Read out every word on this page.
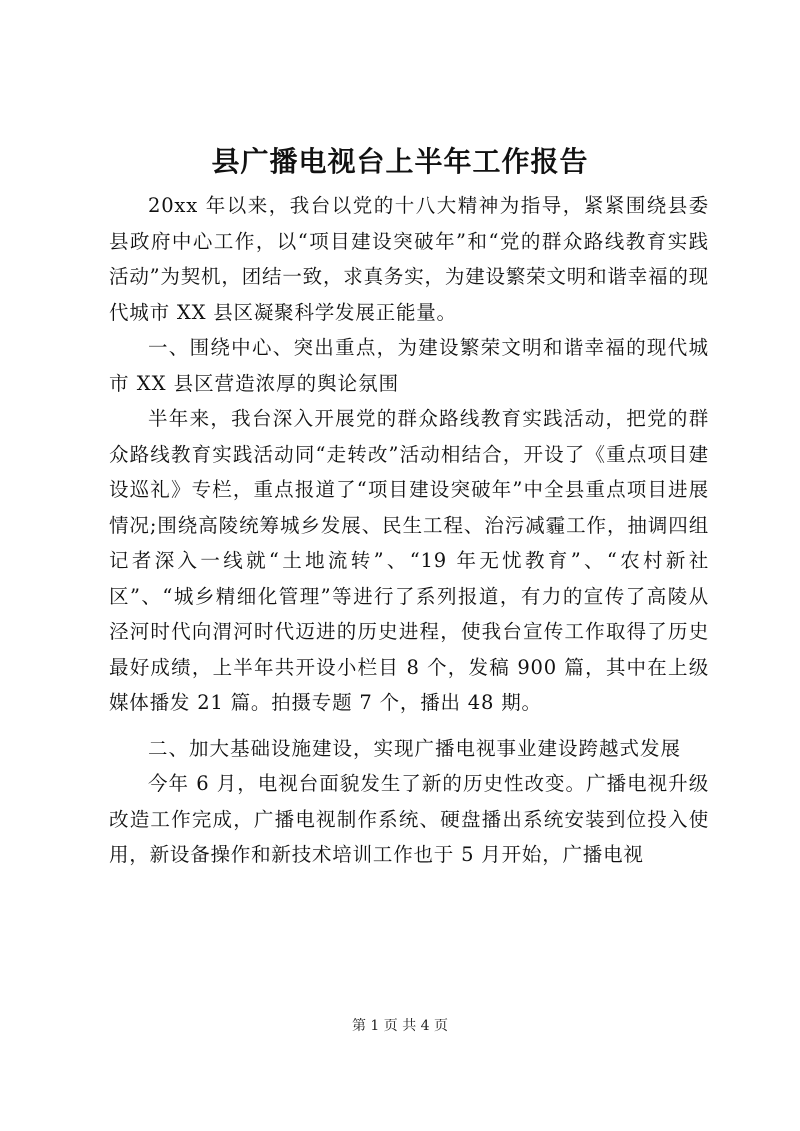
县广播电视台上半年工作报告

20xx 年以来，我台以党的十八大精神为指导，紧紧围绕县委县政府中心工作，以“项目建设突破年”和“党的群众路线教育实践活动”为契机，团结一致，求真务实，为建设繁荣文明和谐幸福的现代城市 XX 县区凝聚科学发展正能量。

一、围绕中心、突出重点，为建设繁荣文明和谐幸福的现代城市 XX 县区营造浓厚的舆论氛围

半年来，我台深入开展党的群众路线教育实践活动，把党的群众路线教育实践活动同“走转改”活动相结合，开设了《重点项目建设巡礼》专栏，重点报道了“项目建设突破年”中全县重点项目进展情况;围绕高陵统筹城乡发展、民生工程、治污减霾工作，抽调四组记者深入一线就“土地流转”、“19 年无忧教育”、“农村新社区”、“城乡精细化管理”等进行了系列报道，有力的宣传了高陵从泾河时代向渭河时代迈进的历史进程，使我台宣传工作取得了历史最好成绩，上半年共开设小栏目 8 个，发稿 900 篇，其中在上级媒体播发 21 篇。拍摄专题 7 个，播出 48 期。

二、加大基础设施建设，实现广播电视事业建设跨越式发展

今年 6 月，电视台面貌发生了新的历史性改变。广播电视升级改造工作完成，广播电视制作系统、硬盘播出系统安装到位投入使用，新设备操作和新技术培训工作也于 5 月开始，广播电视

第 1 页 共 4 页
